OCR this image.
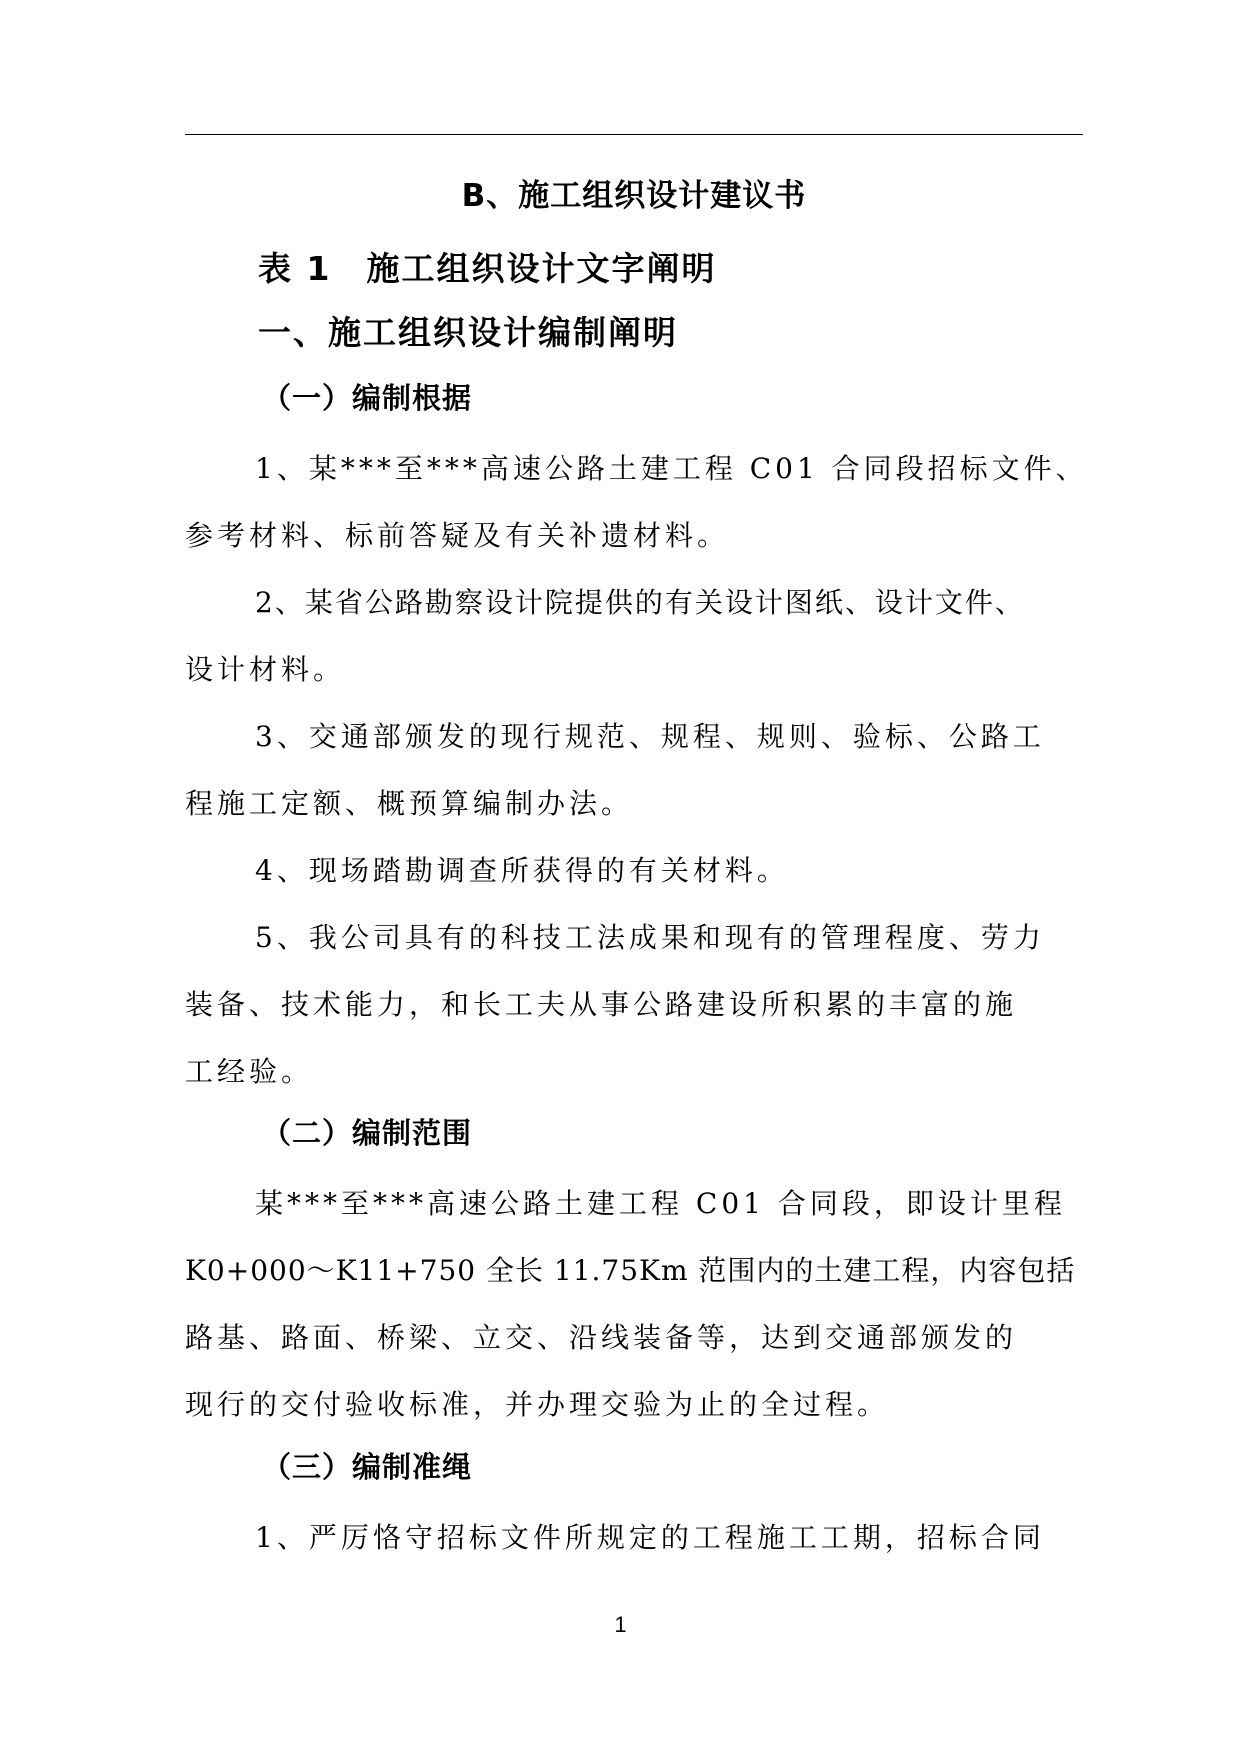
B、施工组织设计建议书
表 1　施工组织设计文字阐明
一、施工组织设计编制阐明
（一）编制根据
1、某***至***高速公路土建工程 C01 合同段招标文件、
参考材料、标前答疑及有关补遗材料。
2、某省公路勘察设计院提供的有关设计图纸、设计文件、
设计材料。
3、交通部颁发的现行规范、规程、规则、验标、公路工
程施工定额、概预算编制办法。
4、现场踏勘调查所获得的有关材料。
5、我公司具有的科技工法成果和现有的管理程度、劳力
装备、技术能力，和长工夫从事公路建设所积累的丰富的施
工经验。
（二）编制范围
某***至***高速公路土建工程 C01 合同段，即设计里程
K0+000～K11+750 全长 11.75Km 范围内的土建工程，内容包括
路基、路面、桥梁、立交、沿线装备等，达到交通部颁发的
现行的交付验收标准，并办理交验为止的全过程。
（三）编制准绳
1、严厉恪守招标文件所规定的工程施工工期，招标合同
1
